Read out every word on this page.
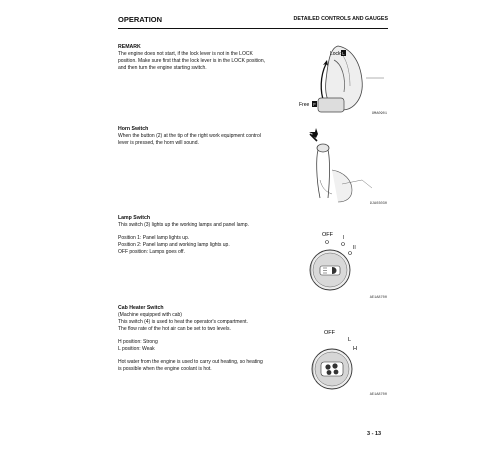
OPERATION	DETAILED CONTROLS AND GAUGES
REMARK

The engine does not start, if the lock lever is not in the LOCK
position. Make sure first that the lock lever is in the LOCK position,
and then turn the engine starting switch.

Lock L
Free F
9MA0901
Horn Switch

When the button (2) at the tip of the right work equipment control
lever is pressed, the horn will sound.

9JA03030
Lamp Switch

This switch (3) lights up the working lamps and panel lamp.

Position 1: Panel lamp lights up.
Position 2: Panel lamp and working lamp lights up.
OFF position: Lamps goes off.

OFF I
II
AE1A8700
Cab Heater Switch

(Machine equipped with cab)
This switch (4) is used to heat the operator's compartment.
The flow rate of the hot air can be set to two levels.

H position: Strong
L position: Weak

Hot water from the engine is used to carry out heating, so heating
is possible when the engine coolant is hot.

OFF
L
H
AE1A8700
3 - 13
